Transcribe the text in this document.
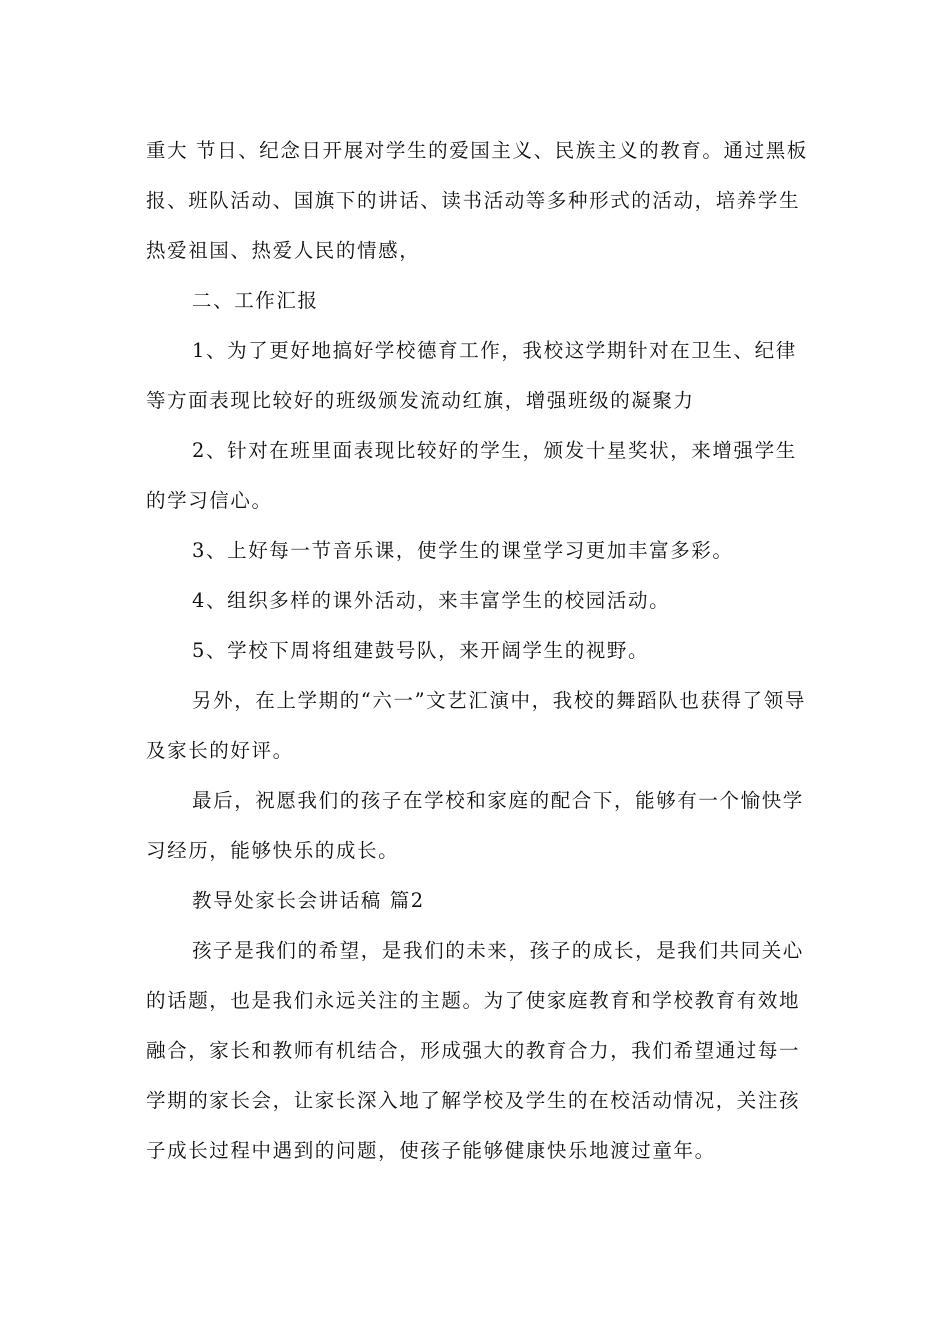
重大 节日、纪念日开展对学生的爱国主义、民族主义的教育。通过黑板报、班队活动、国旗下的讲话、读书活动等多种形式的活动，培养学生热爱祖国、热爱人民的情感，

二、工作汇报

1、为了更好地搞好学校德育工作，我校这学期针对在卫生、纪律等方面表现比较好的班级颁发流动红旗，增强班级的凝聚力

2、针对在班里面表现比较好的学生，颁发十星奖状，来增强学生的学习信心。

3、上好每一节音乐课，使学生的课堂学习更加丰富多彩。

4、组织多样的课外活动，来丰富学生的校园活动。

5、学校下周将组建鼓号队，来开阔学生的视野。

另外，在上学期的“六一”文艺汇演中，我校的舞蹈队也获得了领导及家长的好评。

最后，祝愿我们的孩子在学校和家庭的配合下，能够有一个愉快学习经历，能够快乐的成长。

教导处家长会讲话稿 篇2

孩子是我们的希望，是我们的未来，孩子的成长，是我们共同关心的话题，也是我们永远关注的主题。为了使家庭教育和学校教育有效地融合，家长和教师有机结合，形成强大的教育合力，我们希望通过每一学期的家长会，让家长深入地了解学校及学生的在校活动情况，关注孩子成长过程中遇到的问题，使孩子能够健康快乐地渡过童年。
